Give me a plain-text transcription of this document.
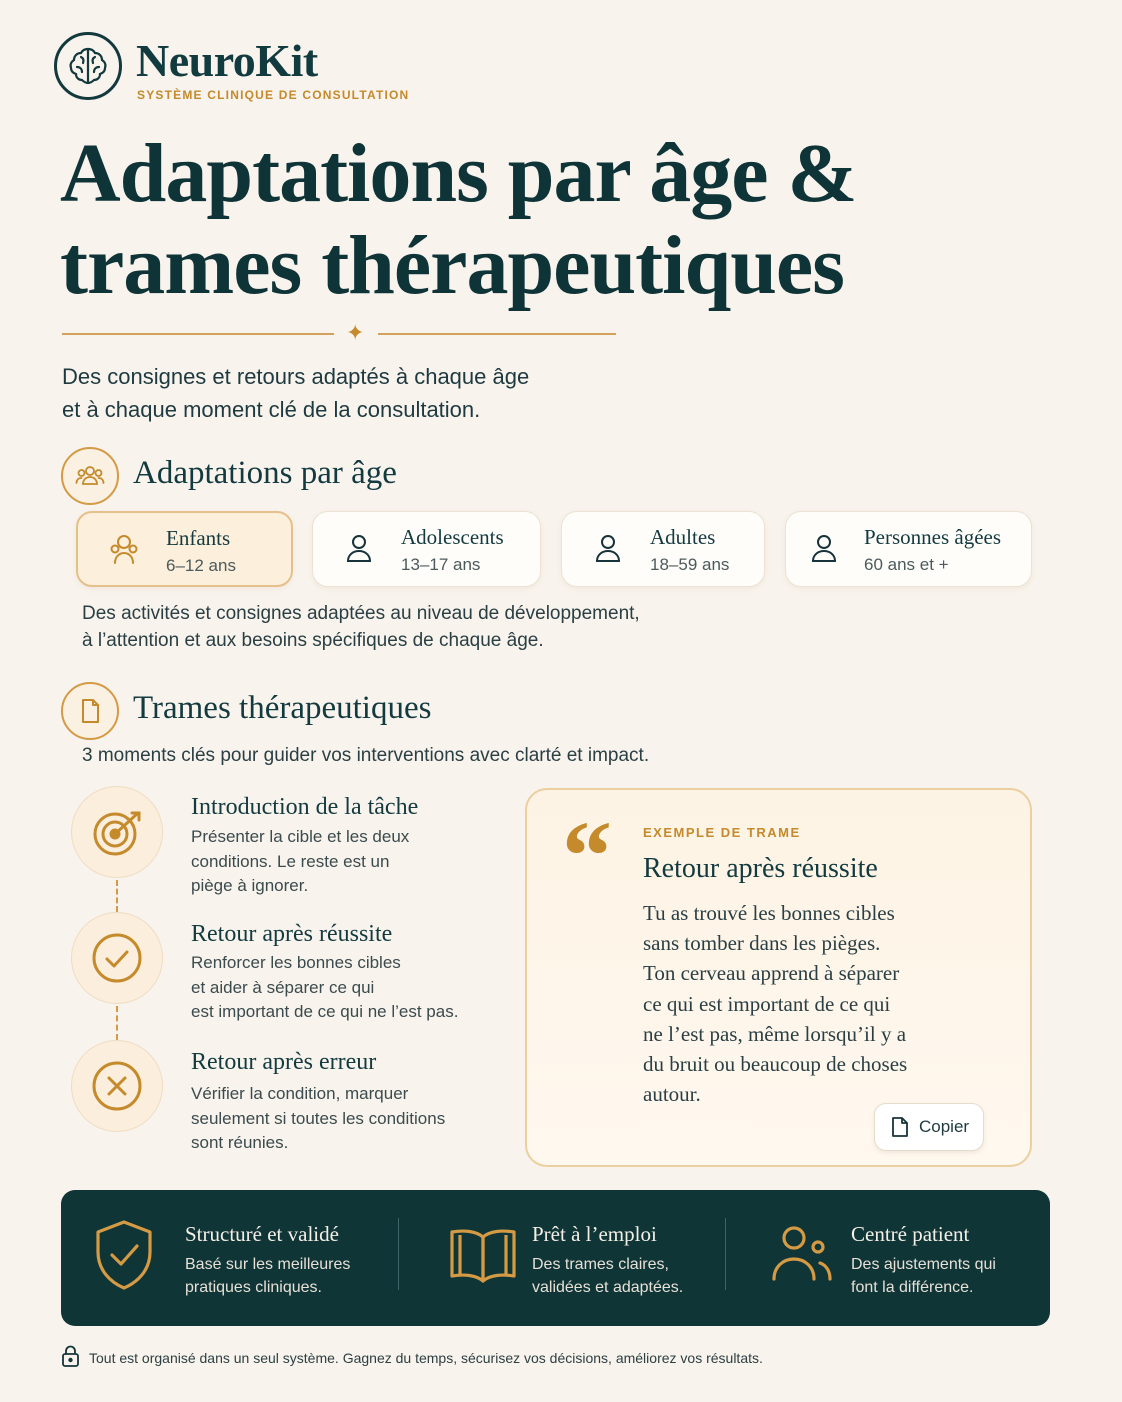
NeuroKit
SYSTÈME CLINIQUE DE CONSULTATION
Adaptations par âge &
trames thérapeutiques
✦
Des consignes et retours adaptés à chaque âge
et à chaque moment clé de la consultation.
Adaptations par âge
Enfants
6–12 ans
Adolescents
13–17 ans
Adultes
18–59 ans
Personnes âgées
60 ans et +
Des activités et consignes adaptées au niveau de développement,
à l’attention et aux besoins spécifiques de chaque âge.
Trames thérapeutiques
3 moments clés pour guider vos interventions avec clarté et impact.
Introduction de la tâche
Présenter la cible et les deux
conditions. Le reste est un
piège à ignorer.
Retour après réussite
Renforcer les bonnes cibles
et aider à séparer ce qui
est important de ce qui ne l’est pas.
Retour après erreur
Vérifier la condition, marquer
seulement si toutes les conditions
sont réunies.
“ EXEMPLE DE TRAME
Retour après réussite
Tu as trouvé les bonnes cibles
sans tomber dans les pièges.
Ton cerveau apprend à séparer
ce qui est important de ce qui
ne l’est pas, même lorsqu’il y a
du bruit ou beaucoup de choses
autour.
Copier
Structuré et validé
Basé sur les meilleures
pratiques cliniques.
Prêt à l’emploi
Des trames claires,
validées et adaptées.
Centré patient
Des ajustements qui
font la différence.
Tout est organisé dans un seul système. Gagnez du temps, sécurisez vos décisions, améliorez vos résultats.
